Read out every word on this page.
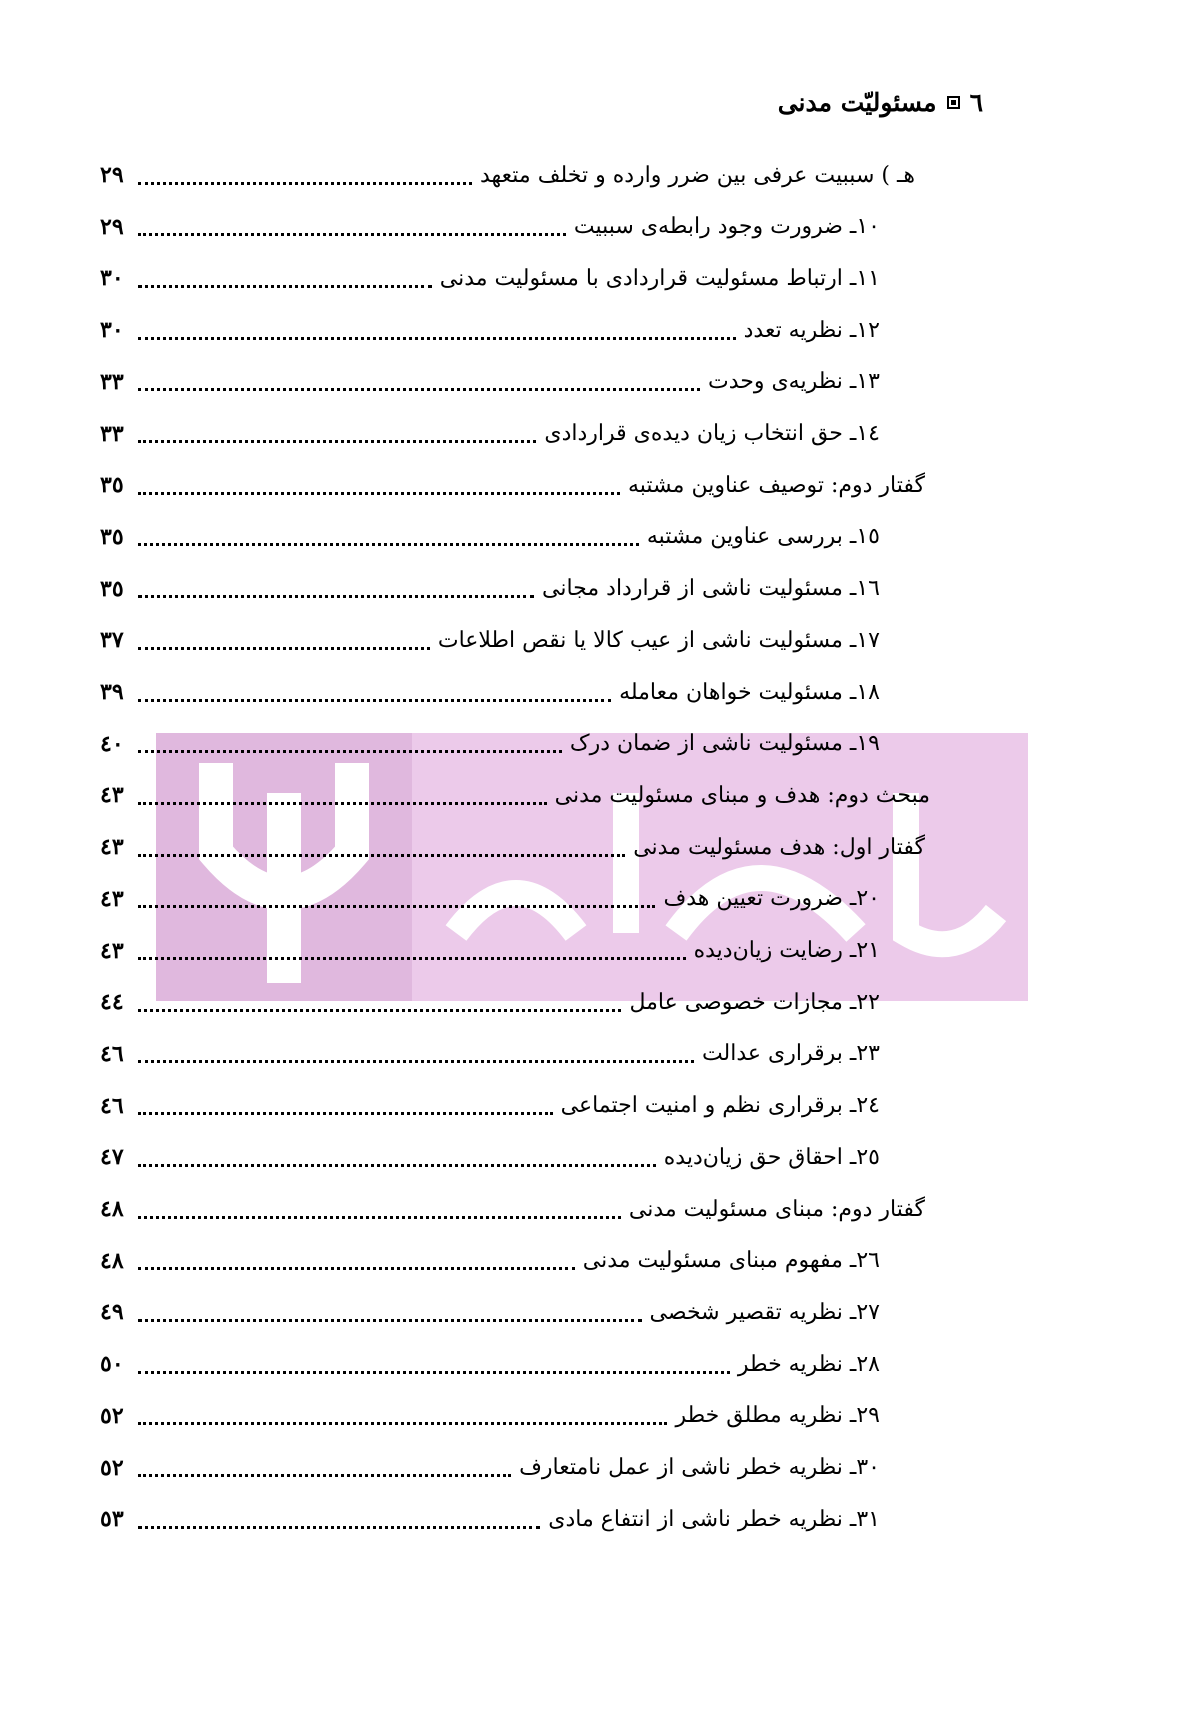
٦
مسئولیّت مدنی
هـ ) سببیت عرفی بین ضرر وارده و تخلف متعهد
٢٩
١٠ـ ضرورت وجود رابطه‌ی سببیت
٢٩
١١ـ ارتباط مسئولیت قراردادی با مسئولیت مدنی
٣٠
١٢ـ نظریه تعدد
٣٠
١٣ـ نظریه‌ی وحدت
٣٣
١٤ـ حق انتخاب زیان دیده‌ی قراردادی
٣٣
گفتار دوم: توصیف عناوین مشتبه
٣٥
١٥ـ بررسی عناوین مشتبه
٣٥
١٦ـ مسئولیت ناشی از قرارداد مجانی
٣٥
١٧ـ مسئولیت ناشی از عیب کالا یا نقص اطلاعات
٣٧
١٨ـ مسئولیت خواهان معامله
٣٩
١٩ـ مسئولیت ناشی از ضمان درک
٤٠
مبحث دوم: هدف و مبنای مسئولیت مدنی
٤٣
گفتار اول: هدف مسئولیت مدنی
٤٣
٢٠ـ ضرورت تعیین هدف
٤٣
٢١ـ رضایت زیان‌دیده
٤٣
٢٢ـ مجازات خصوصی عامل
٤٤
٢٣ـ برقراری عدالت
٤٦
٢٤ـ برقراری نظم و امنیت اجتماعی
٤٦
٢٥ـ احقاق حق زیان‌دیده
٤٧
گفتار دوم: مبنای مسئولیت مدنی
٤٨
٢٦ـ مفهوم مبنای مسئولیت مدنی
٤٨
٢٧ـ نظریه تقصیر شخصی
٤٩
٢٨ـ نظریه خطر
٥٠
٢٩ـ نظریه مطلق خطر
٥٢
٣٠ـ نظریه خطر ناشی از عمل نامتعارف
٥٢
٣١ـ نظریه خطر ناشی از انتفاع مادی
٥٣
